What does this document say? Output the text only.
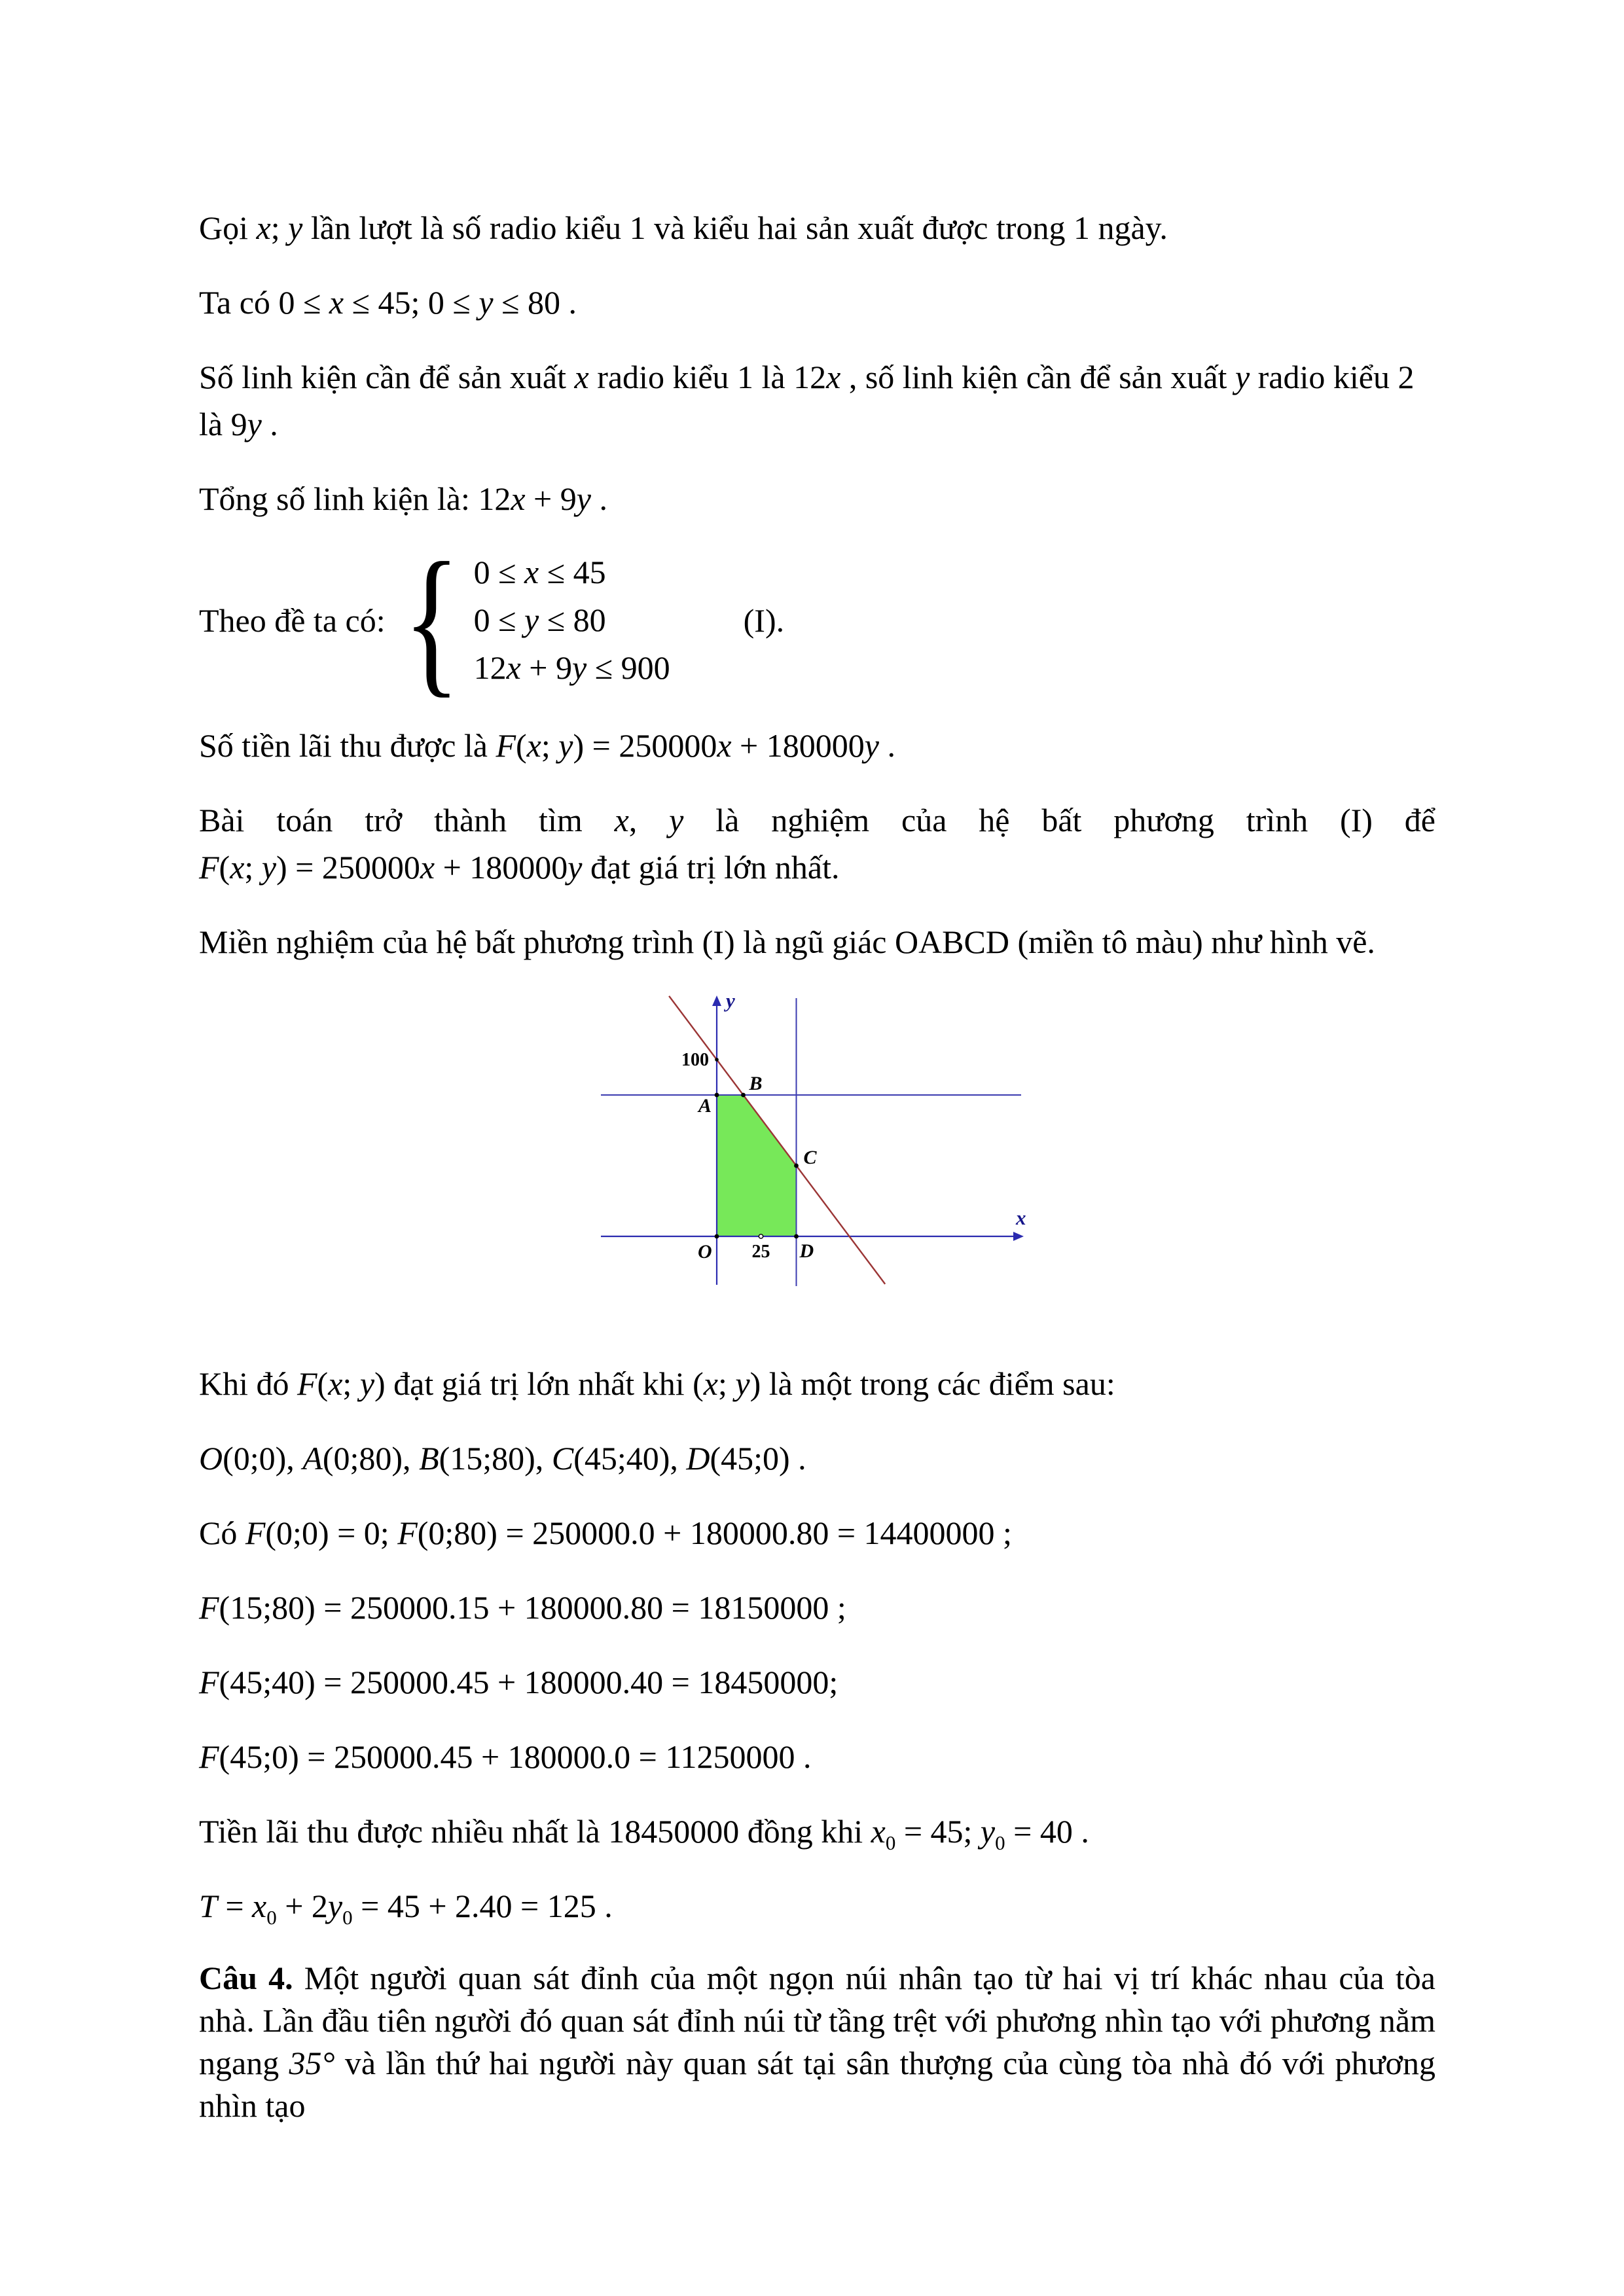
Gọi x; y lần lượt là số radio kiểu 1 và kiểu hai sản xuất được trong 1 ngày.

Ta có 0 ≤ x ≤ 45; 0 ≤ y ≤ 80 .

Số linh kiện cần để sản xuất x radio kiểu 1 là 12x , số linh kiện cần để sản xuất y radio kiểu 2 là 9y .

Tổng số linh kiện là: 12x + 9y .

Theo đề ta có: { 0 ≤ x ≤ 45
0 ≤ y ≤ 80
12x + 9y ≤ 900
(I).

Số tiền lãi thu được là F(x; y) = 250000x + 180000y .

Bài toán trở thành tìm x, y là nghiệm của hệ bất phương trình (I) để F(x; y) = 250000x + 180000y đạt giá trị lớn nhất.

Miền nghiệm của hệ bất phương trình (I) là ngũ giác OABCD (miền tô màu) như hình vẽ.

O
A
B
C
D
100
25
x
y

Khi đó F(x; y) đạt giá trị lớn nhất khi (x; y) là một trong các điểm sau:

O(0;0), A(0;80), B(15;80), C(45;40), D(45;0) .

Có F(0;0) = 0; F(0;80) = 250000.0 + 180000.80 = 14400000 ;

F(15;80) = 250000.15 + 180000.80 = 18150000 ;

F(45;40) = 250000.45 + 180000.40 = 18450000;

F(45;0) = 250000.45 + 180000.0 = 11250000 .

Tiền lãi thu được nhiều nhất là 18450000 đồng khi $x_0 = 45$; $y_0 = 40$ .

$T = x_0 + 2y_0 = 45 + 2.40 = 125$ .

Câu 4. Một người quan sát đỉnh của một ngọn núi nhân tạo từ hai vị trí khác nhau của tòa nhà. Lần đầu tiên người đó quan sát đỉnh núi từ tầng trệt với phương nhìn tạo với phương nằm ngang 35° và lần thứ hai người này quan sát tại sân thượng của cùng tòa nhà đó với phương nhìn tạo
